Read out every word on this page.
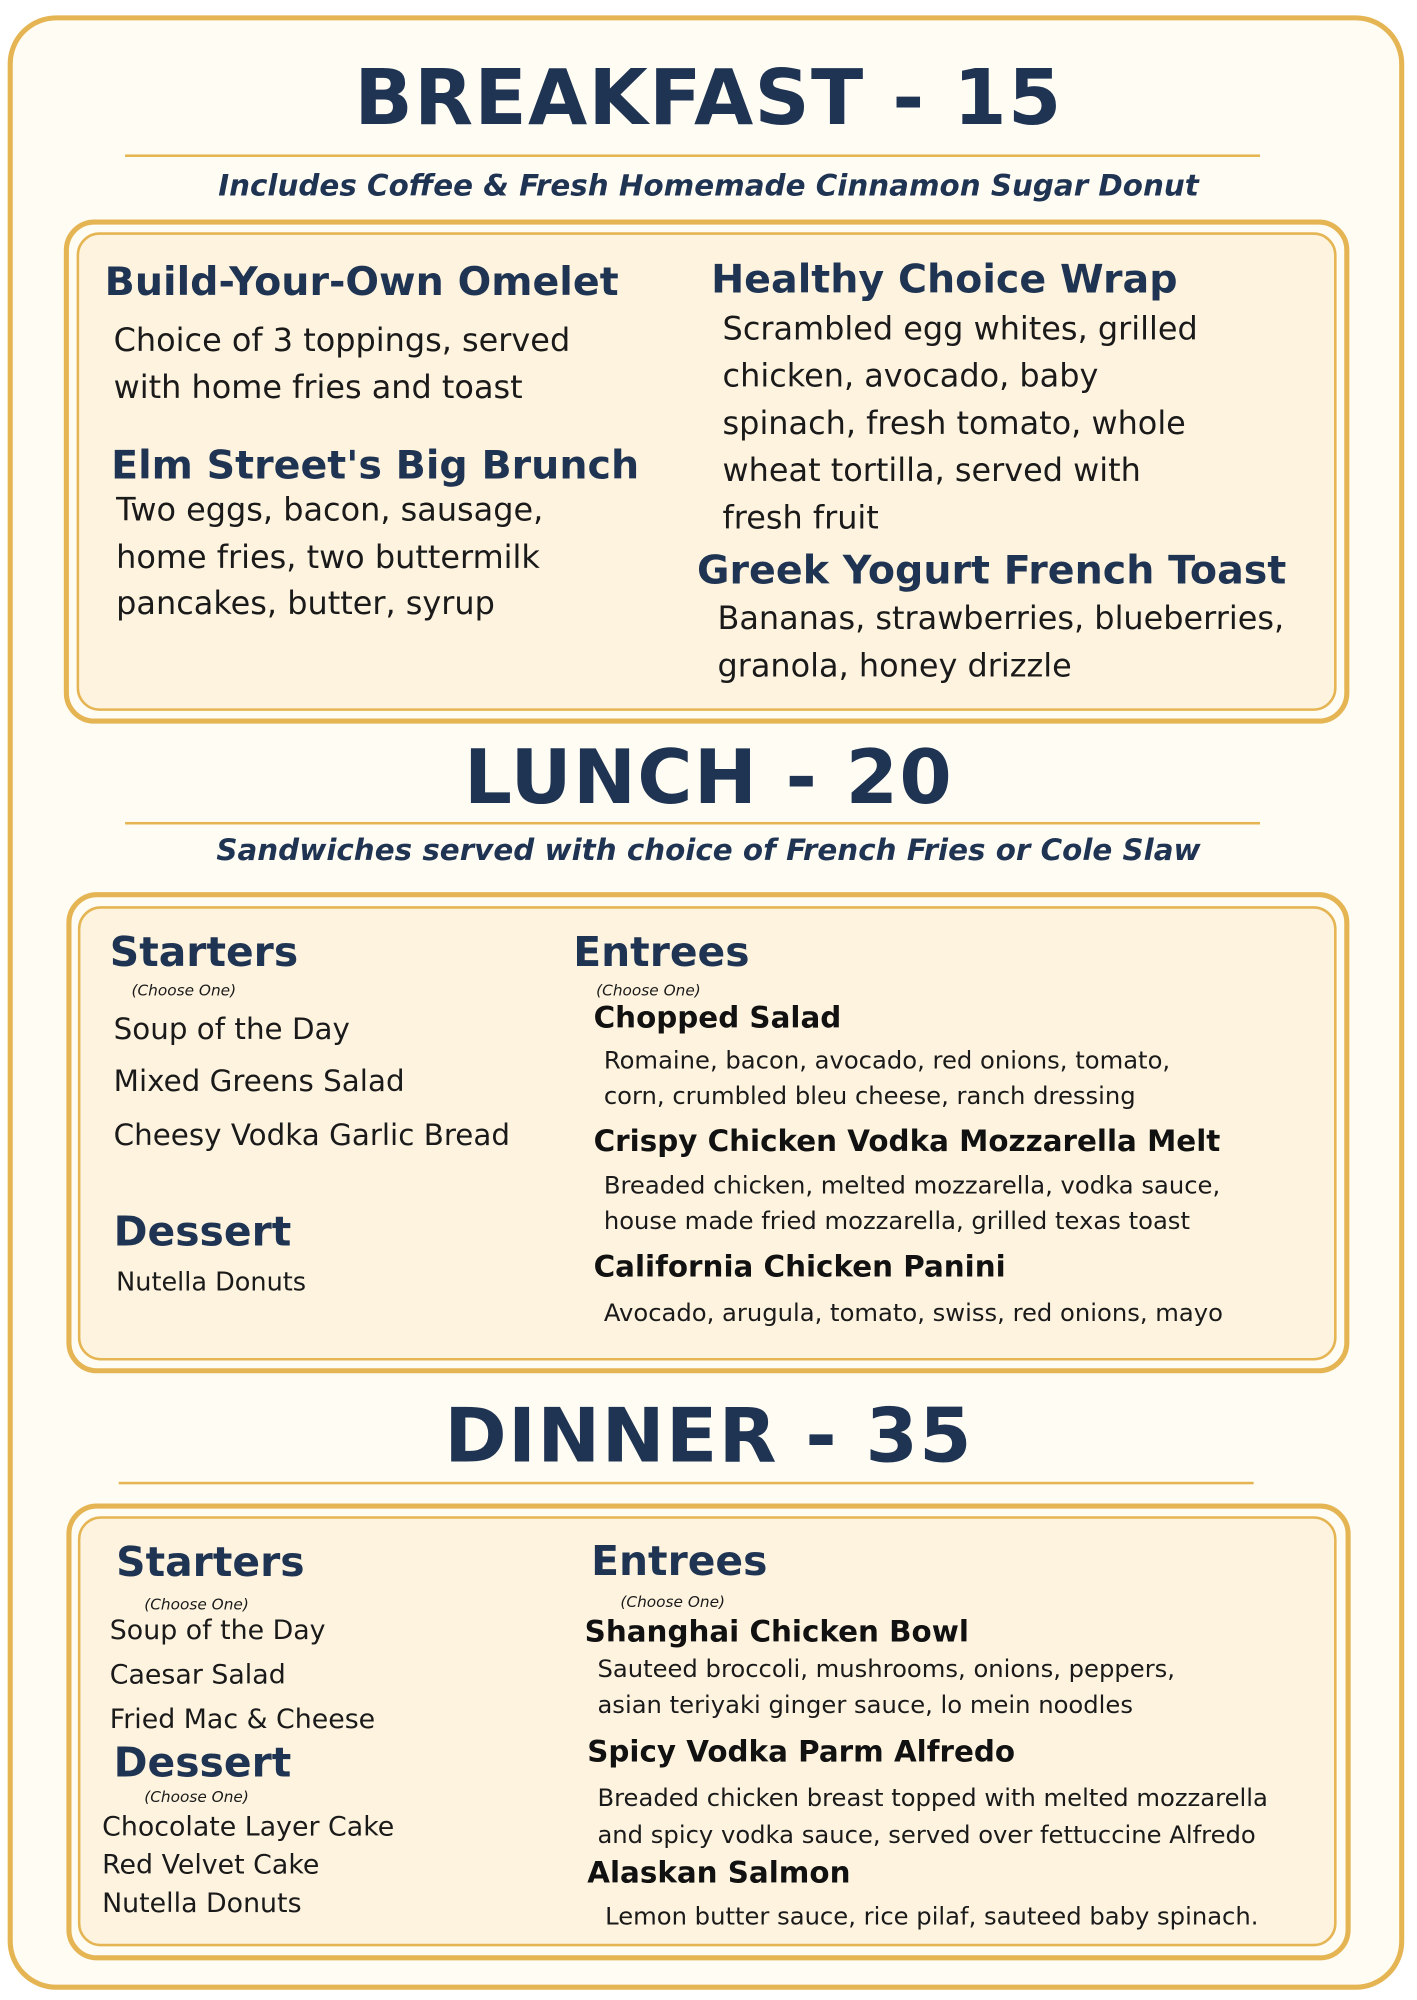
BREAKFAST - 15
Includes Coffee & Fresh Homemade Cinnamon Sugar Donut
Build-Your-Own Omelet
Choice of 3 toppings, served
with home fries and toast
Elm Street's Big Brunch
Two eggs, bacon, sausage,
home fries, two buttermilk
pancakes, butter, syrup
Healthy Choice Wrap
Scrambled egg whites, grilled
chicken, avocado, baby
spinach, fresh tomato, whole
wheat tortilla, served with
fresh fruit
Greek Yogurt French Toast
Bananas, strawberries, blueberries,
granola, honey drizzle
LUNCH - 20
Sandwiches served with choice of French Fries or Cole Slaw
Starters
(Choose One)
Soup of the Day
Mixed Greens Salad
Cheesy Vodka Garlic Bread
Dessert
Nutella Donuts
Entrees
(Choose One)
Chopped Salad
Romaine, bacon, avocado, red onions, tomato,
corn, crumbled bleu cheese, ranch dressing
Crispy Chicken Vodka Mozzarella Melt
Breaded chicken, melted mozzarella, vodka sauce,
house made fried mozzarella, grilled texas toast
California Chicken Panini
Avocado, arugula, tomato, swiss, red onions, mayo
DINNER - 35
Starters
(Choose One)
Soup of the Day
Caesar Salad
Fried Mac & Cheese
Dessert
(Choose One)
Chocolate Layer Cake
Red Velvet Cake
Nutella Donuts
Entrees
(Choose One)
Shanghai Chicken Bowl
Sauteed broccoli, mushrooms, onions, peppers,
asian teriyaki ginger sauce, lo mein noodles
Spicy Vodka Parm Alfredo
Breaded chicken breast topped with melted mozzarella
and spicy vodka sauce, served over fettuccine Alfredo
Alaskan Salmon
Lemon butter sauce, rice pilaf, sauteed baby spinach.
